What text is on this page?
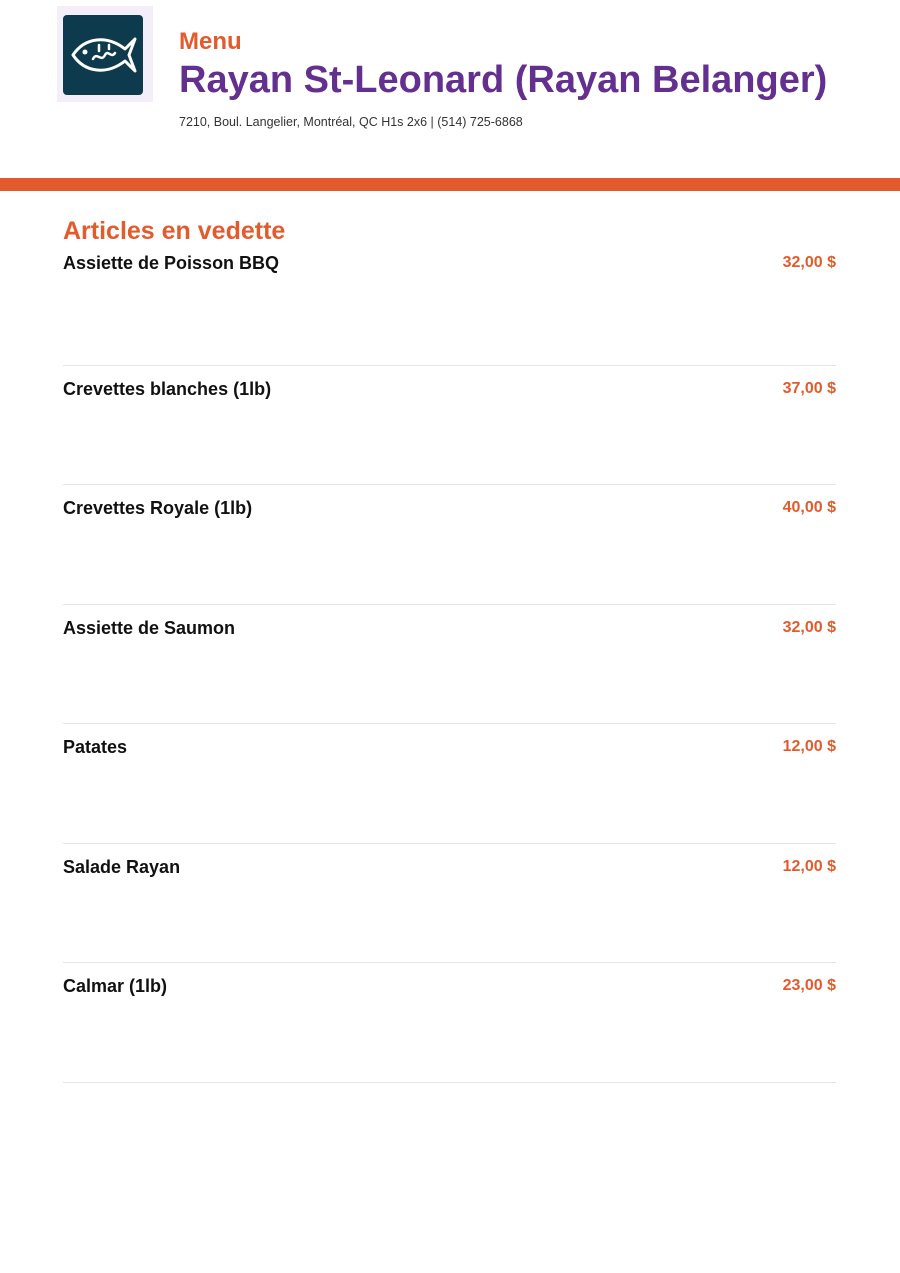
Menu
Rayan St-Leonard (Rayan Belanger)

7210, Boul. Langelier, Montréal, QC H1s 2x6 | (514) 725-6868

Articles en vedette
Assiette de Poisson BBQ	32,00 $
Crevettes blanches (1lb)	37,00 $
Crevettes Royale (1lb)	40,00 $
Assiette de Saumon	32,00 $
Patates	12,00 $
Salade Rayan	12,00 $
Calmar (1lb)	23,00 $
